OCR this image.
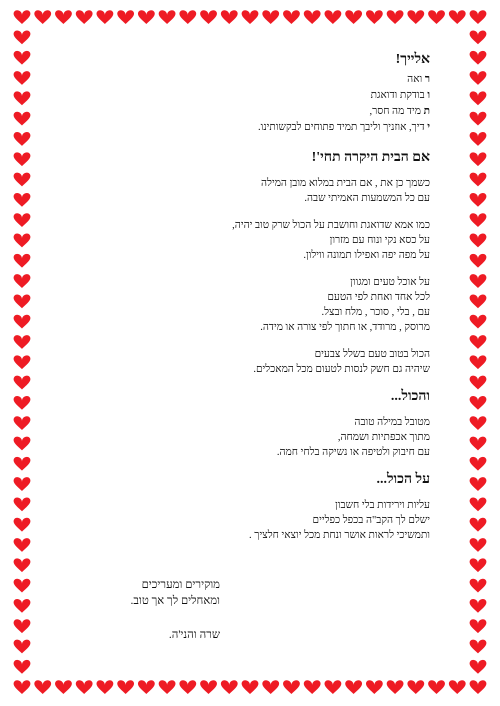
אלייך!
ר ואה
ו בודקת ודואגת
ת מיד מה חסר,
י דיך, אוזניך וליבך תמיד פתוחים לבקשותינו.
אם הבית היקרה תחי'!
כשמך כן את , אם הבית במלוא מובן המילה
עם כל המשמעות האמיתי שבה.
כמו אמא שדואגת וחושבת על הכול שרק טוב יהיה,
על כסא נקי ונוח עם מזרון
על מפה יפה ואפילו תמונה ווילון.
על אוכל טעים ומגוון
לכל אחד ואחת לפי הטעם
עם , בלי , סוכר , מלח ובצל.
מרוסק , מרודד, או חתוך לפי צורה או מידה.
הכול בטוב טעם בשלל צבעים
שיהיה גם חשק לנסות לטעום מכל המאכלים.
והכול...
מטובל במילה טובה
מתוך אכפתיות ושמחה,
עם חיבוק ולטיפה או נשיקה בלחי חמה.
על הכול...
עליות וירידות בלי חשבון
ישלם לך הקב"ה בכפל כפליים
ותמשיכי לראות אושר ונחת מכל יוצאי חלציך .
מוקירים ומעריכים
ומאחלים לך אך טוב.
שרה והני'ה.
